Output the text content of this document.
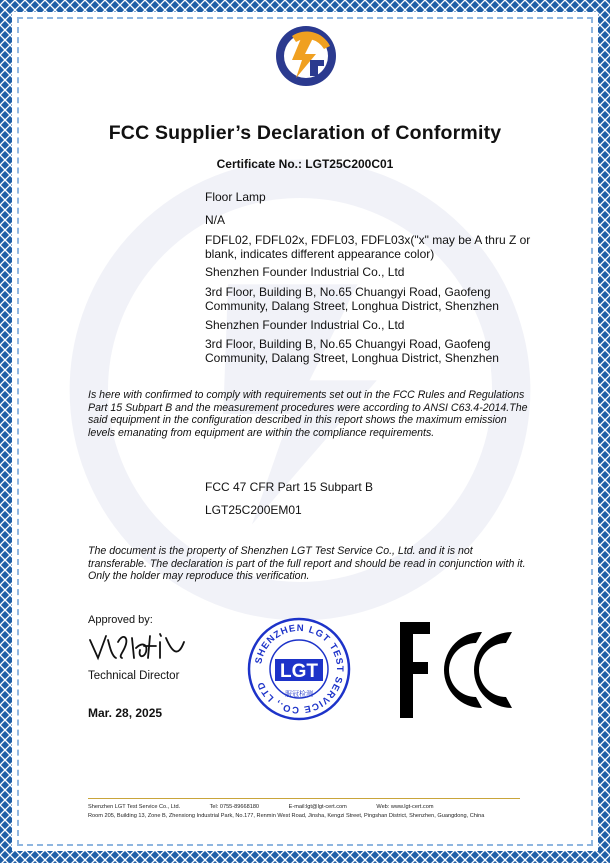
FCC Supplier’s Declaration of Conformity
Certificate No.: LGT25C200C01
Floor Lamp
N/A
FDFL02, FDFL02x, FDFL03, FDFL03x("x" may be A thru Z or blank, indicates different appearance color)
Shenzhen Founder Industrial Co., Ltd
3rd Floor, Building B, No.65 Chuangyi Road, Gaofeng Community, Dalang Street, Longhua District, Shenzhen
Shenzhen Founder Industrial Co., Ltd
3rd Floor, Building B, No.65 Chuangyi Road, Gaofeng Community, Dalang Street, Longhua District, Shenzhen
Is here with confirmed to comply with requirements set out in the FCC Rules and Regulations Part 15 Subpart B and the measurement procedures were according to ANSI C63.4-2014.The said equipment in the configuration described in this report shows the maximum emission levels emanating from equipment are within the compliance requirements.
FCC 47 CFR Part 15 Subpart B
LGT25C200EM01
The document is the property of Shenzhen LGT Test Service Co., Ltd. and it is not transferable. The declaration is part of the full report and should be read in conjunction with it. Only the holder may reproduce this verification.
Approved by:
Technical Director
Mar. 28, 2025
SHENZHEN LGT TEST SERVICE CO., LTD
LGT
服冠检测
Shenzhen LGT Test Service Co., Ltd.	Tel: 0755-89668180	E-mail:lgt@lgt-cert.com	Web: www.lgt-cert.com
Room 205, Building 13, Zone B, Zhenxiong Industrial Park, No.177, Renmin West Road, Jinsha, Kengzi Street, Pingshan District, Shenzhen, Guangdong, China
